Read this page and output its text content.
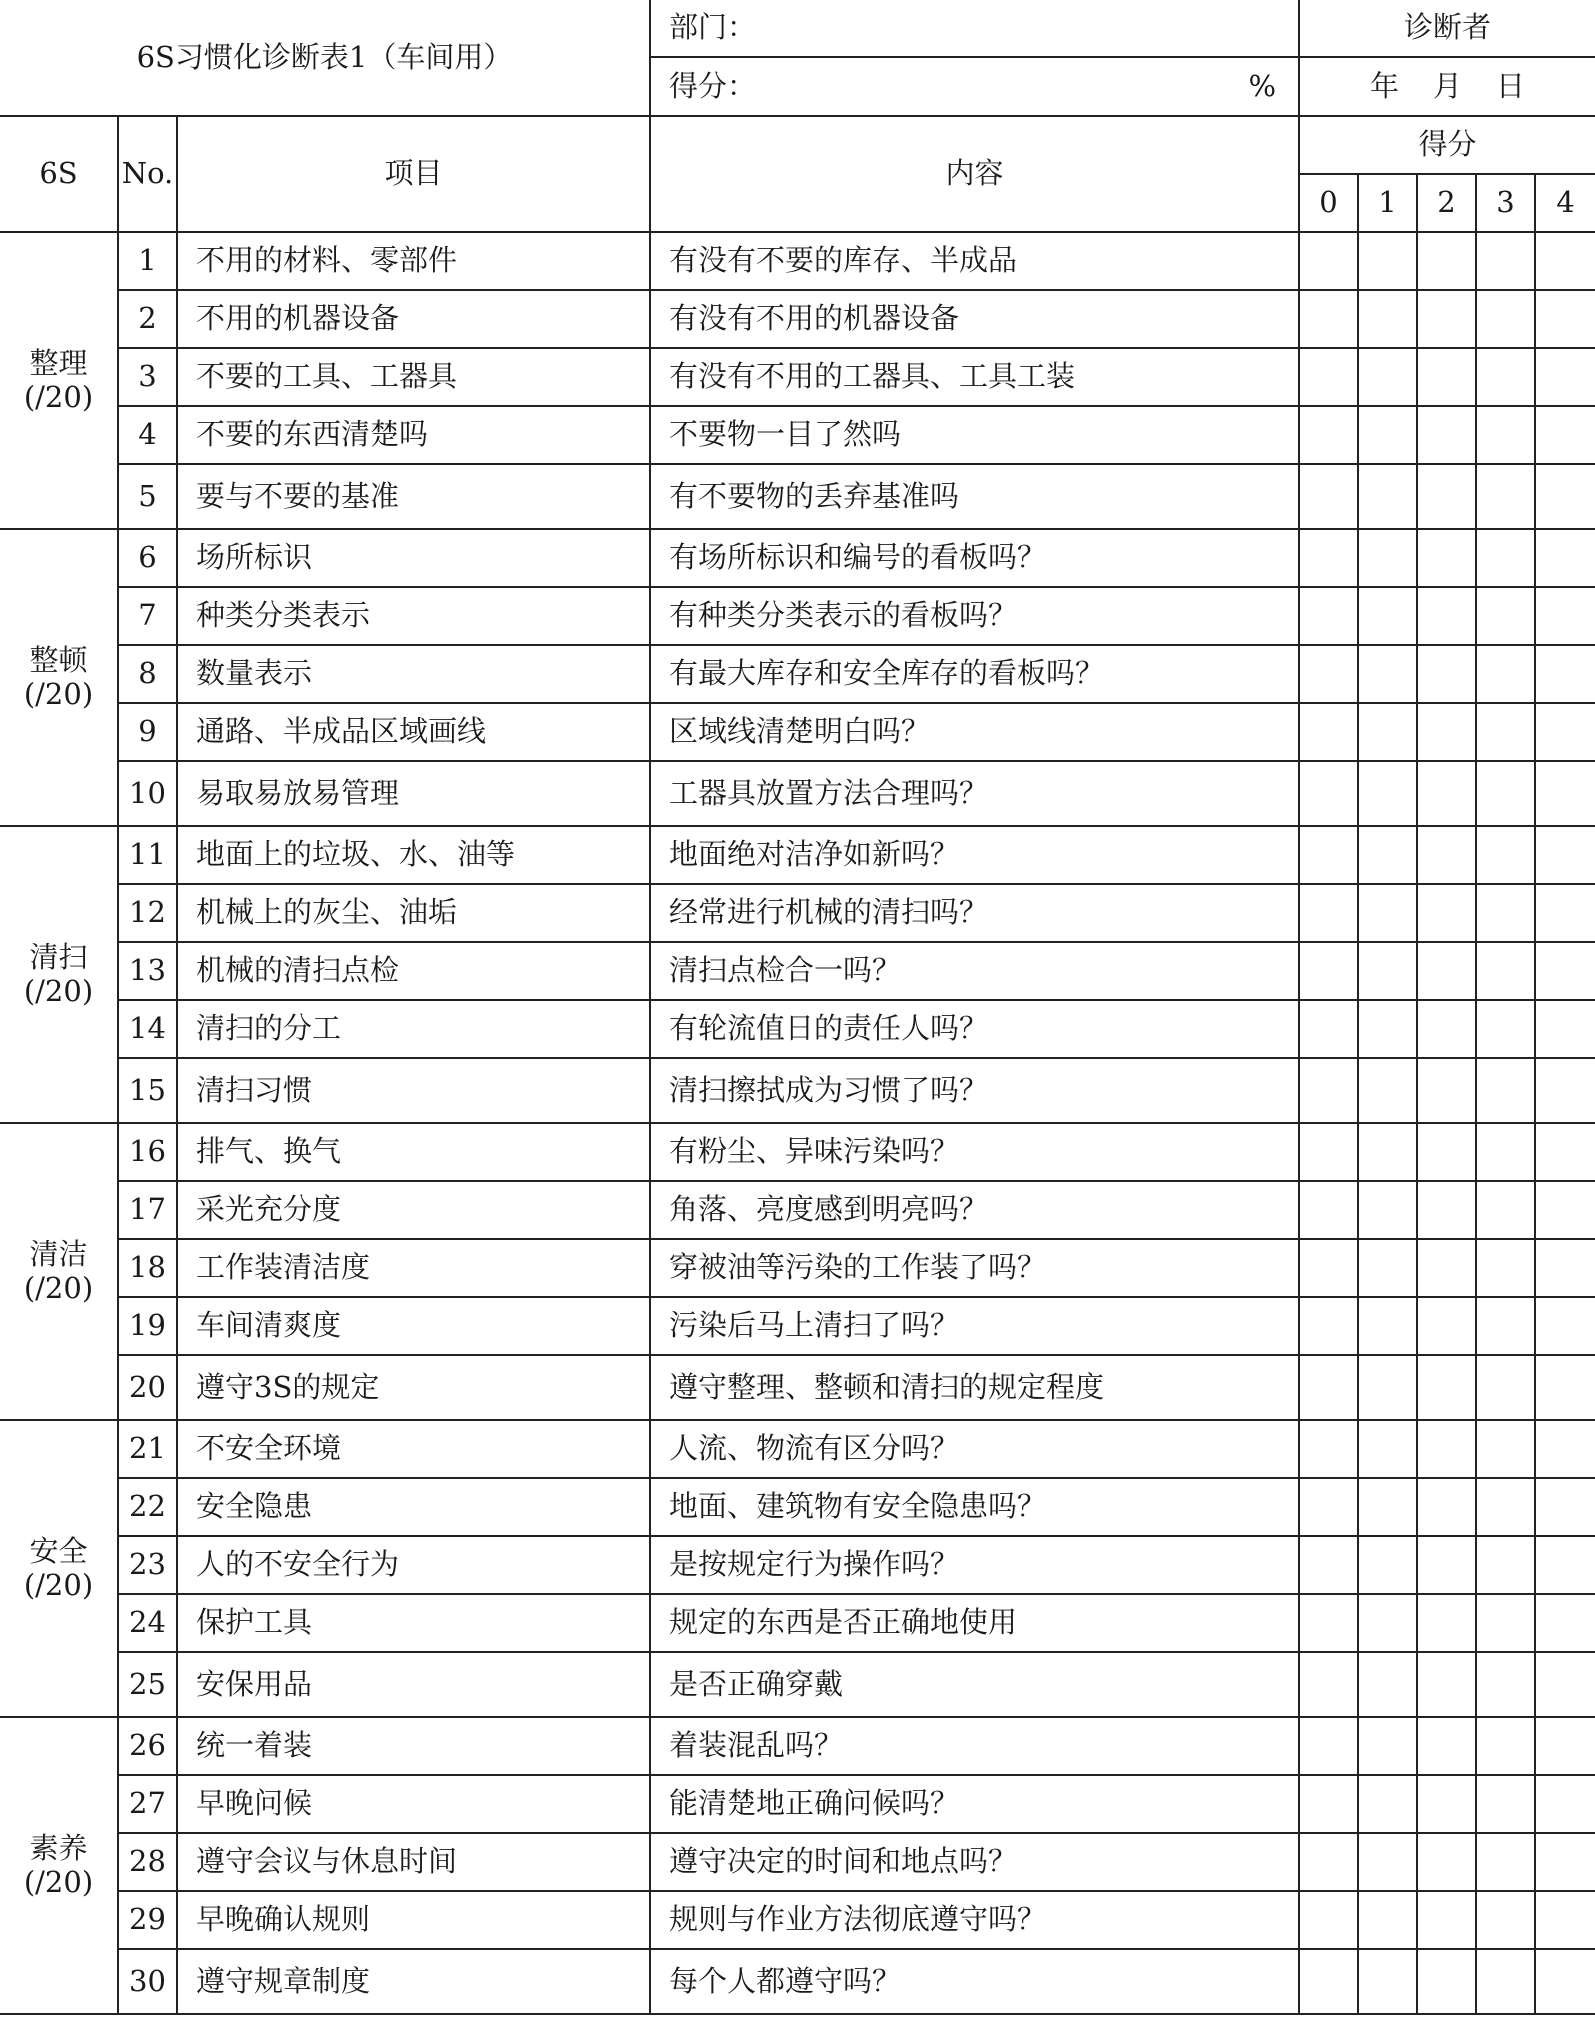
6S习惯化诊断表1（车间用）			部门：	诊断者				

			得分： %	年 月 日				

6S	No.	项目	内容	得分				
				0	1	2	3	4

整理
(/20)	1	不用的材料、零部件	有没有不要的库存、半成品					
	2	不用的机器设备	有没有不用的机器设备					
	3	不要的工具、工器具	有没有不用的工器具、工具工装					
	4	不要的东西清楚吗	不要物一目了然吗					
	5	要与不要的基准	有不要物的丢弃基准吗					

整顿
(/20)	6	场所标识	有场所标识和编号的看板吗？					
	7	种类分类表示	有种类分类表示的看板吗？					
	8	数量表示	有最大库存和安全库存的看板吗？					
	9	通路、半成品区域画线	区域线清楚明白吗？					
	10	易取易放易管理	工器具放置方法合理吗？					

清扫
(/20)	11	地面上的垃圾、水、油等	地面绝对洁净如新吗？					
	12	机械上的灰尘、油垢	经常进行机械的清扫吗？					
	13	机械的清扫点检	清扫点检合一吗？					
	14	清扫的分工	有轮流值日的责任人吗？					
	15	清扫习惯	清扫擦拭成为习惯了吗？					

清洁
(/20)	16	排气、换气	有粉尘、异味污染吗？					
	17	采光充分度	角落、亮度感到明亮吗？					
	18	工作装清洁度	穿被油等污染的工作装了吗？					
	19	车间清爽度	污染后马上清扫了吗？					
	20	遵守3S的规定	遵守整理、整顿和清扫的规定程度					

安全
(/20)	21	不安全环境	人流、物流有区分吗？					
	22	安全隐患	地面、建筑物有安全隐患吗？					
	23	人的不安全行为	是按规定行为操作吗？					
	24	保护工具	规定的东西是否正确地使用					
	25	安保用品	是否正确穿戴					

素养
(/20)	26	统一着装	着装混乱吗？					
	27	早晚问候	能清楚地正确问候吗？					
	28	遵守会议与休息时间	遵守决定的时间和地点吗？					
	29	早晚确认规则	规则与作业方法彻底遵守吗？					
	30	遵守规章制度	每个人都遵守吗？					
